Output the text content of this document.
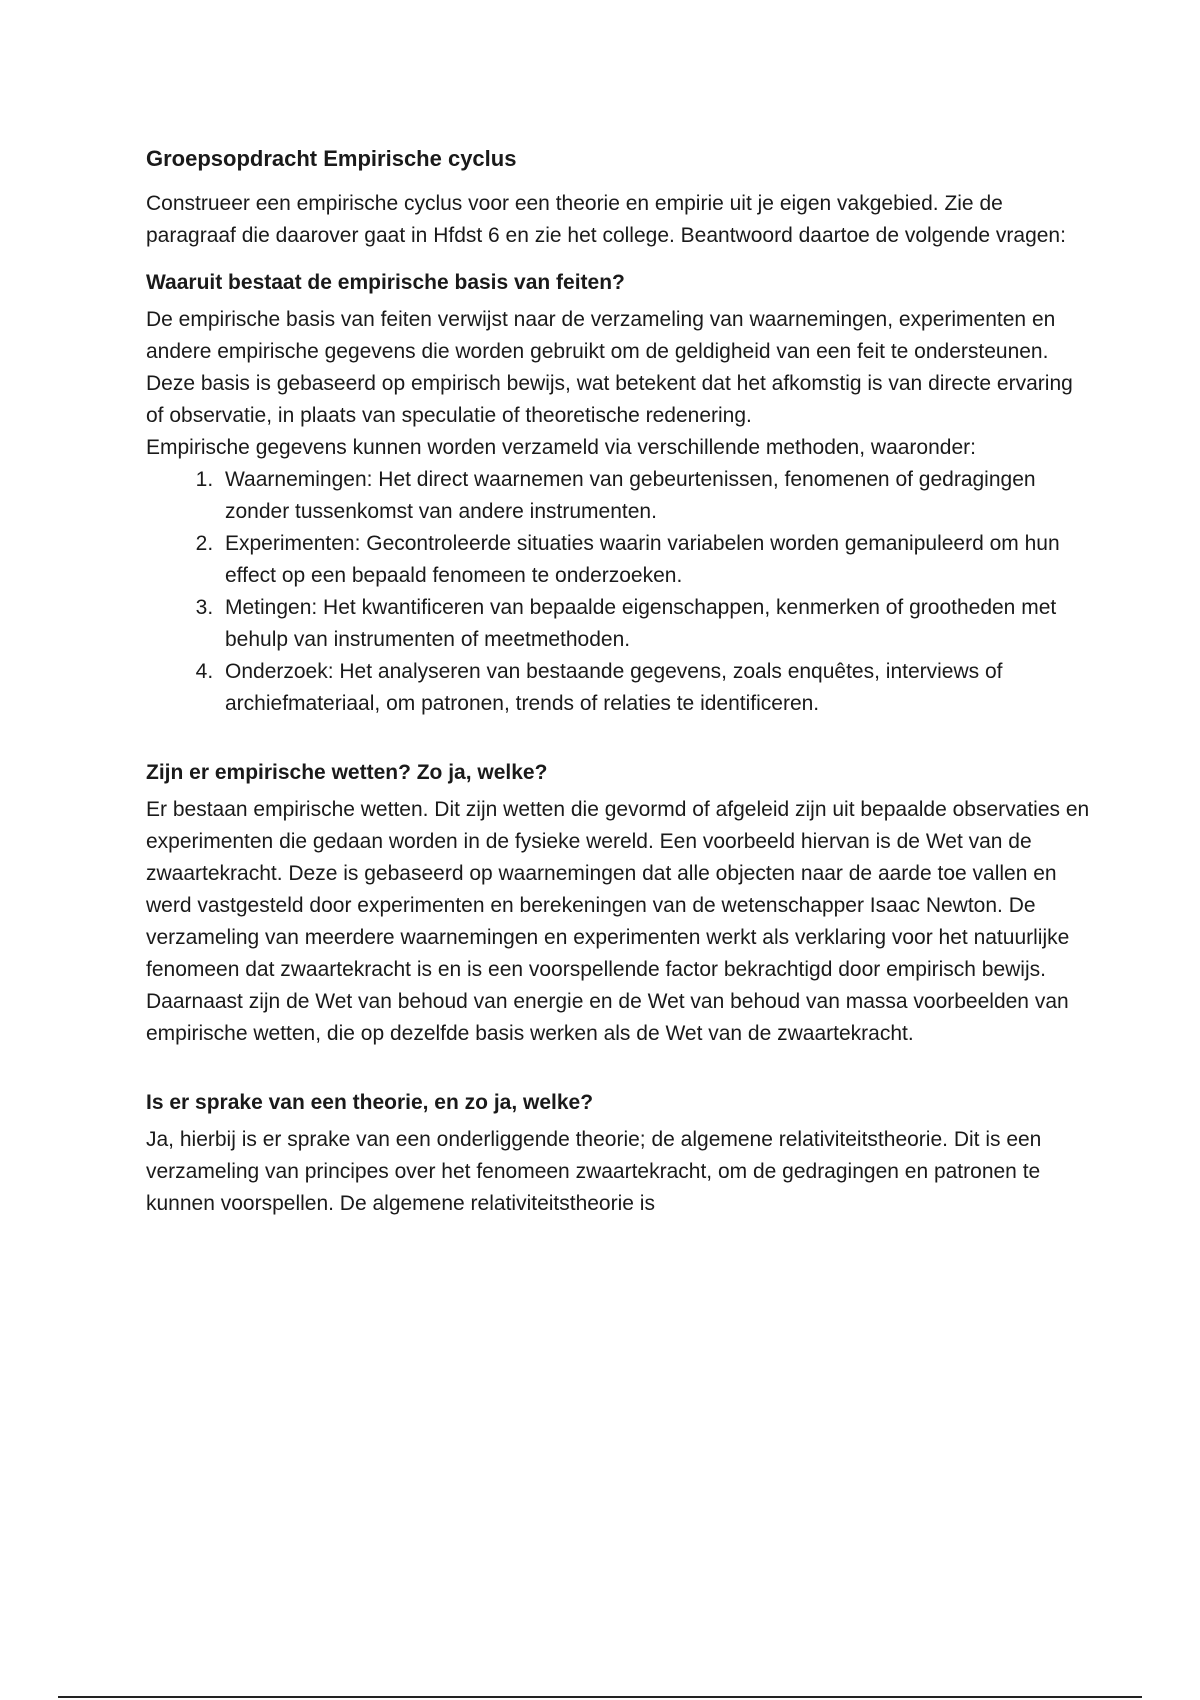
Groepsopdracht Empirische cyclus

Construeer een empirische cyclus voor een theorie en empirie uit je eigen vakgebied. Zie de paragraaf die daarover gaat in Hfdst 6 en zie het college. Beantwoord daartoe de volgende vragen:

Waaruit bestaat de empirische basis van feiten?

De empirische basis van feiten verwijst naar de verzameling van waarnemingen, experimenten en andere empirische gegevens die worden gebruikt om de geldigheid van een feit te ondersteunen. Deze basis is gebaseerd op empirisch bewijs, wat betekent dat het afkomstig is van directe ervaring of observatie, in plaats van speculatie of theoretische redenering.

Empirische gegevens kunnen worden verzameld via verschillende methoden, waaronder:

1. Waarnemingen: Het direct waarnemen van gebeurtenissen, fenomenen of gedragingen zonder tussenkomst van andere instrumenten.
2. Experimenten: Gecontroleerde situaties waarin variabelen worden gemanipuleerd om hun effect op een bepaald fenomeen te onderzoeken.
3. Metingen: Het kwantificeren van bepaalde eigenschappen, kenmerken of grootheden met behulp van instrumenten of meetmethoden.
4. Onderzoek: Het analyseren van bestaande gegevens, zoals enquêtes, interviews of archiefmateriaal, om patronen, trends of relaties te identificeren.

Zijn er empirische wetten? Zo ja, welke?

Er bestaan empirische wetten. Dit zijn wetten die gevormd of afgeleid zijn uit bepaalde observaties en experimenten die gedaan worden in de fysieke wereld. Een voorbeeld hiervan is de Wet van de zwaartekracht. Deze is gebaseerd op waarnemingen dat alle objecten naar de aarde toe vallen en werd vastgesteld door experimenten en berekeningen van de wetenschapper Isaac Newton. De verzameling van meerdere waarnemingen en experimenten werkt als verklaring voor het natuurlijke fenomeen dat zwaartekracht is en is een voorspellende factor bekrachtigd door empirisch bewijs. Daarnaast zijn de Wet van behoud van energie en de Wet van behoud van massa voorbeelden van empirische wetten, die op dezelfde basis werken als de Wet van de zwaartekracht.

Is er sprake van een theorie, en zo ja, welke?

Ja, hierbij is er sprake van een onderliggende theorie; de algemene relativiteitstheorie. Dit is een verzameling van principes over het fenomeen zwaartekracht, om de gedragingen en patronen te kunnen voorspellen. De algemene relativiteitstheorie is
